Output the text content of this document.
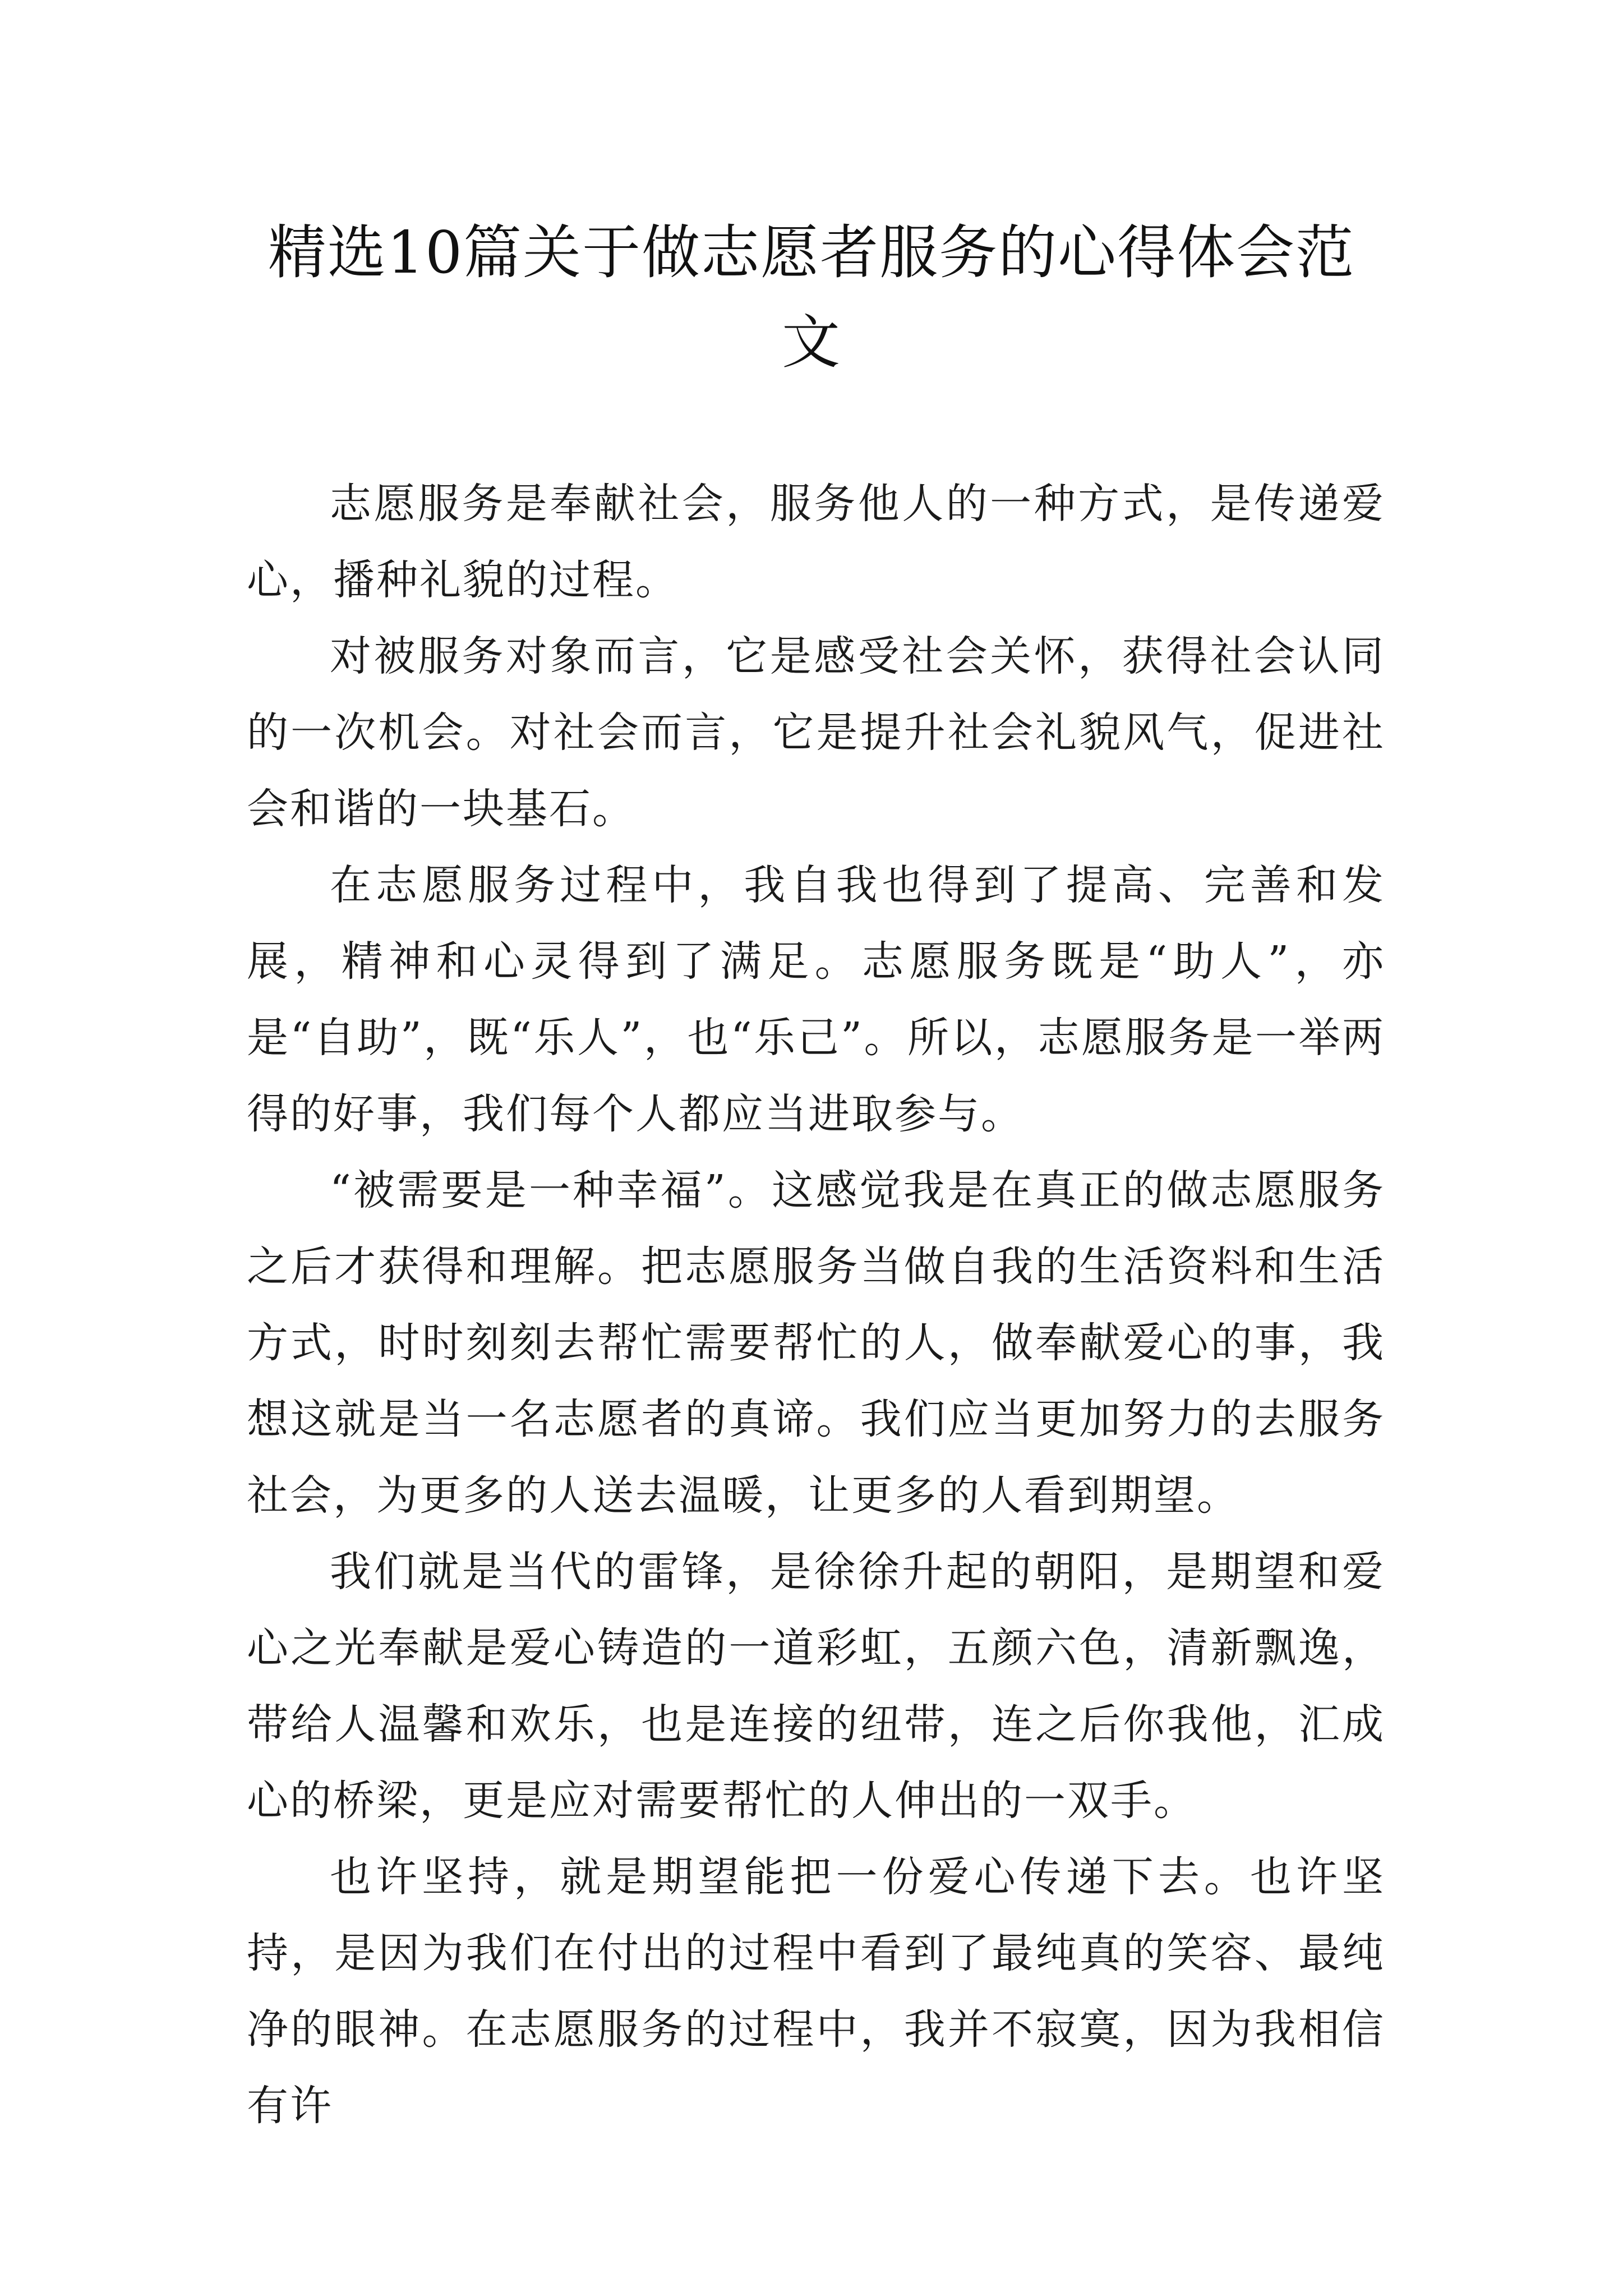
精选10篇关于做志愿者服务的心得体会范文

志愿服务是奉献社会，服务他人的一种方式，是传递爱心，播种礼貌的过程。

对被服务对象而言，它是感受社会关怀，获得社会认同的一次机会。对社会而言，它是提升社会礼貌风气，促进社会和谐的一块基石。

在志愿服务过程中，我自我也得到了提高、完善和发展，精神和心灵得到了满足。志愿服务既是“助人”，亦是“自助”，既“乐人”，也“乐己”。所以，志愿服务是一举两得的好事，我们每个人都应当进取参与。

“被需要是一种幸福”。这感觉我是在真正的做志愿服务之后才获得和理解。把志愿服务当做自我的生活资料和生活方式，时时刻刻去帮忙需要帮忙的人，做奉献爱心的事，我想这就是当一名志愿者的真谛。我们应当更加努力的去服务社会，为更多的人送去温暖，让更多的人看到期望。

我们就是当代的雷锋，是徐徐升起的朝阳，是期望和爱心之光奉献是爱心铸造的一道彩虹，五颜六色，清新飘逸，带给人温馨和欢乐，也是连接的纽带，连之后你我他，汇成心的桥梁，更是应对需要帮忙的人伸出的一双手。

也许坚持，就是期望能把一份爱心传递下去。也许坚持，是因为我们在付出的过程中看到了最纯真的笑容、最纯净的眼神。在志愿服务的过程中，我并不寂寞，因为我相信有许
